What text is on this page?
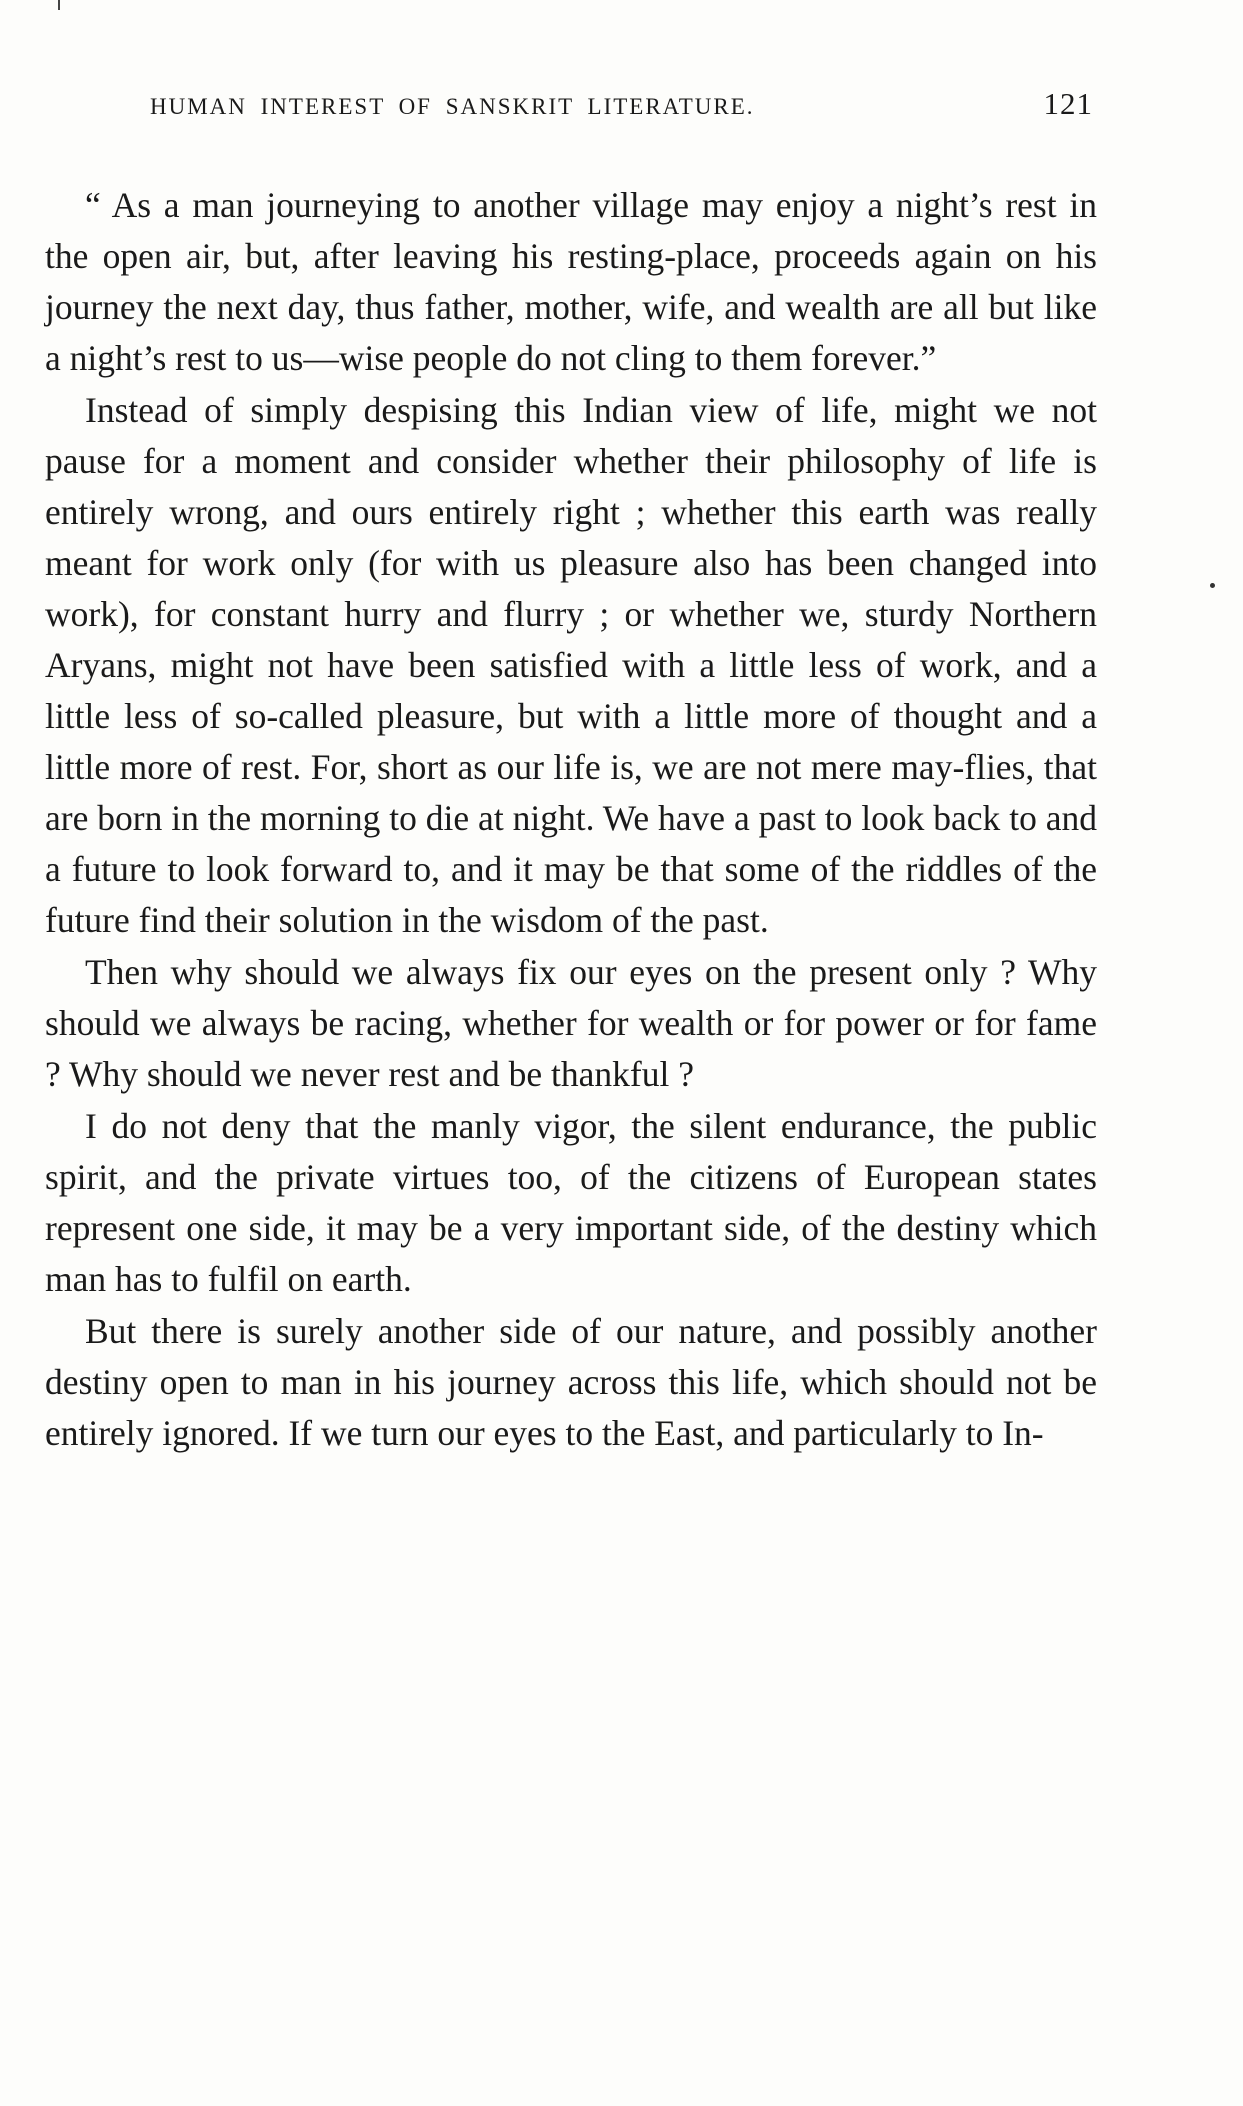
HUMAN INTEREST OF SANSKRIT LITERATURE.	121

“ As a man journeying to another village may enjoy a night’s rest in the open air, but, after leaving his resting-place, proceeds again on his journey the next day, thus father, mother, wife, and wealth are all but like a night’s rest to us—wise people do not cling to them forever.”

Instead of simply despising this Indian view of life, might we not pause for a moment and consider whether their philosophy of life is entirely wrong, and ours entirely right ; whether this earth was really meant for work only (for with us pleasure also has been changed into work), for constant hurry and flurry ; or whether we, sturdy Northern Aryans, might not have been satisfied with a little less of work, and a little less of so-called pleasure, but with a little more of thought and a little more of rest. For, short as our life is, we are not mere may-flies, that are born in the morning to die at night. We have a past to look back to and a future to look forward to, and it may be that some of the riddles of the future find their solution in the wisdom of the past.

Then why should we always fix our eyes on the present only ? Why should we always be racing, whether for wealth or for power or for fame ? Why should we never rest and be thankful ?

I do not deny that the manly vigor, the silent endurance, the public spirit, and the private virtues too, of the citizens of European states represent one side, it may be a very important side, of the destiny which man has to fulfil on earth.

But there is surely another side of our nature, and possibly another destiny open to man in his journey across this life, which should not be entirely ignored. If we turn our eyes to the East, and particularly to In-
